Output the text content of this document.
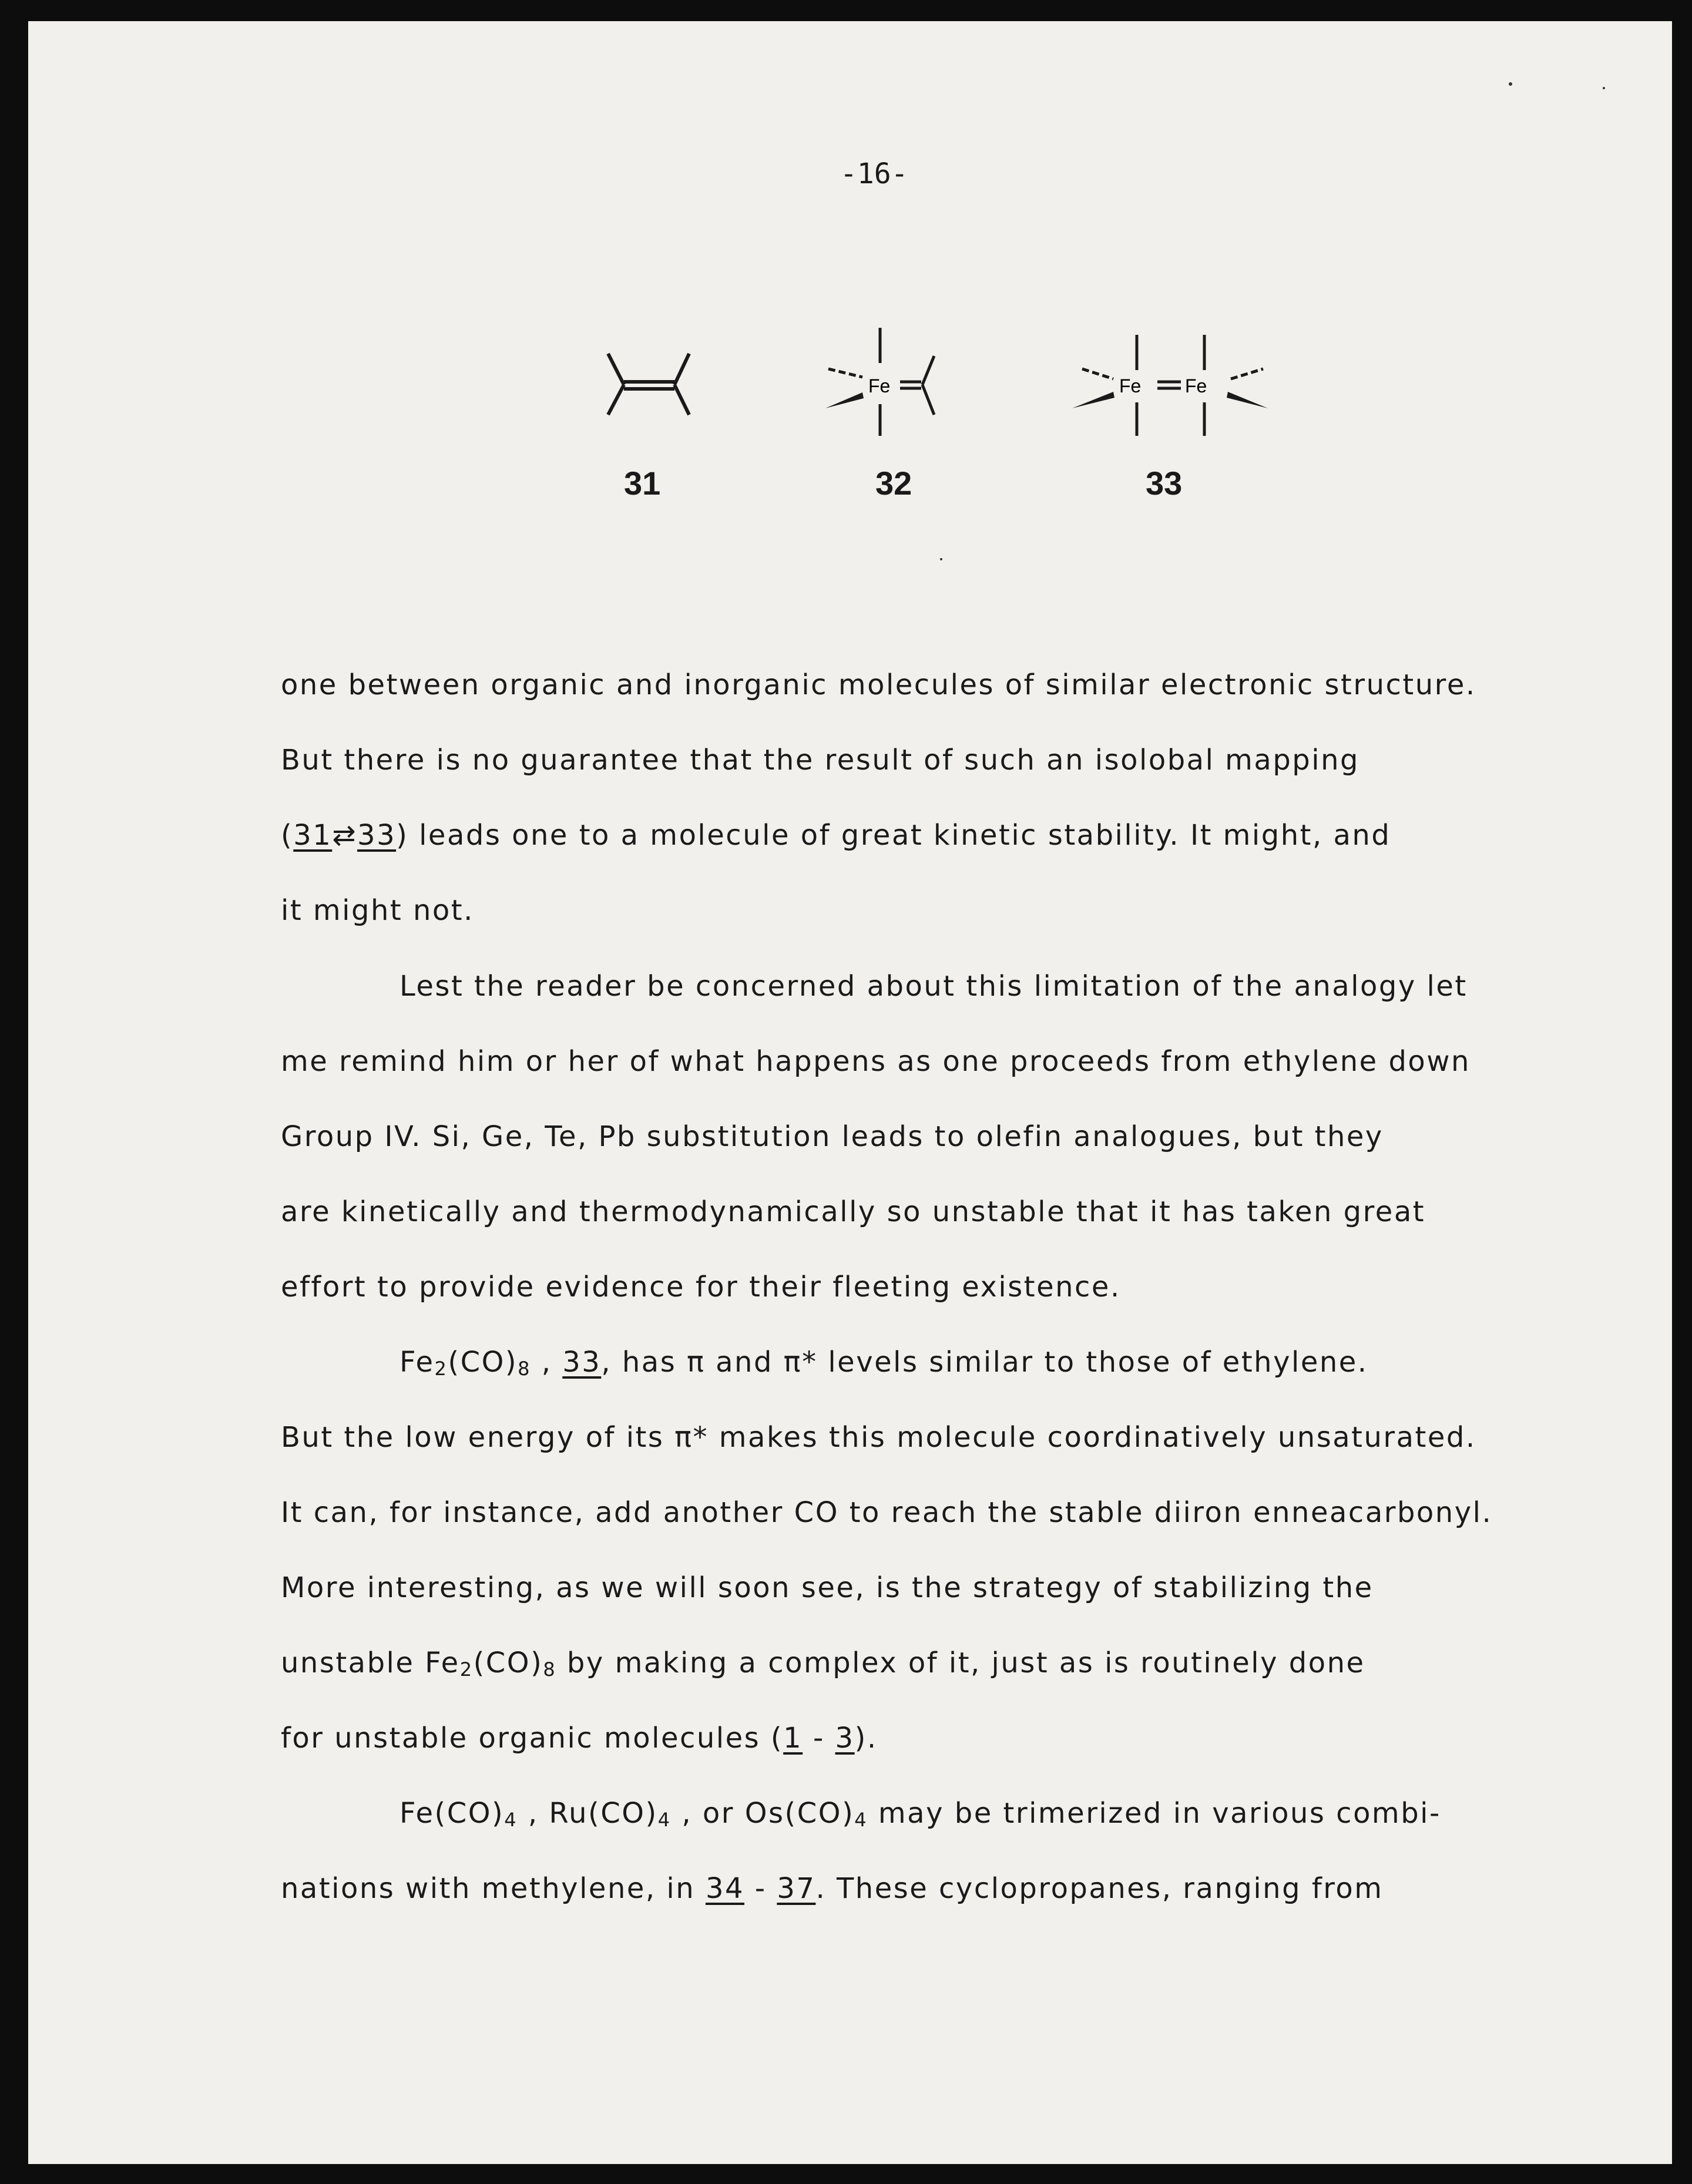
-16-
Fe	Fe Fe
31	32	33
one between organic and inorganic molecules of similar electronic structure.
But there is no guarantee that the result of such an isolobal mapping
(31⇄33) leads one to a molecule of great kinetic stability. It might, and
it might not.
Lest the reader be concerned about this limitation of the analogy let
me remind him or her of what happens as one proceeds from ethylene down
Group IV. Si, Ge, Te, Pb substitution leads to olefin analogues, but they
are kinetically and thermodynamically so unstable that it has taken great
effort to provide evidence for their fleeting existence.
$Fe_2(CO)_8$ , 33, has π and π* levels similar to those of ethylene.
But the low energy of its π* makes this molecule coordinatively unsaturated.
It can, for instance, add another CO to reach the stable diiron enneacarbonyl.
More interesting, as we will soon see, is the strategy of stabilizing the
unstable $Fe_2(CO)_8$ by making a complex of it, just as is routinely done
for unstable organic molecules (1 - 3).
$Fe(CO)_4$ , $Ru(CO)_4$ , or $Os(CO)_4$ may be trimerized in various combi-
nations with methylene, in 34 - 37. These cyclopropanes, ranging from
